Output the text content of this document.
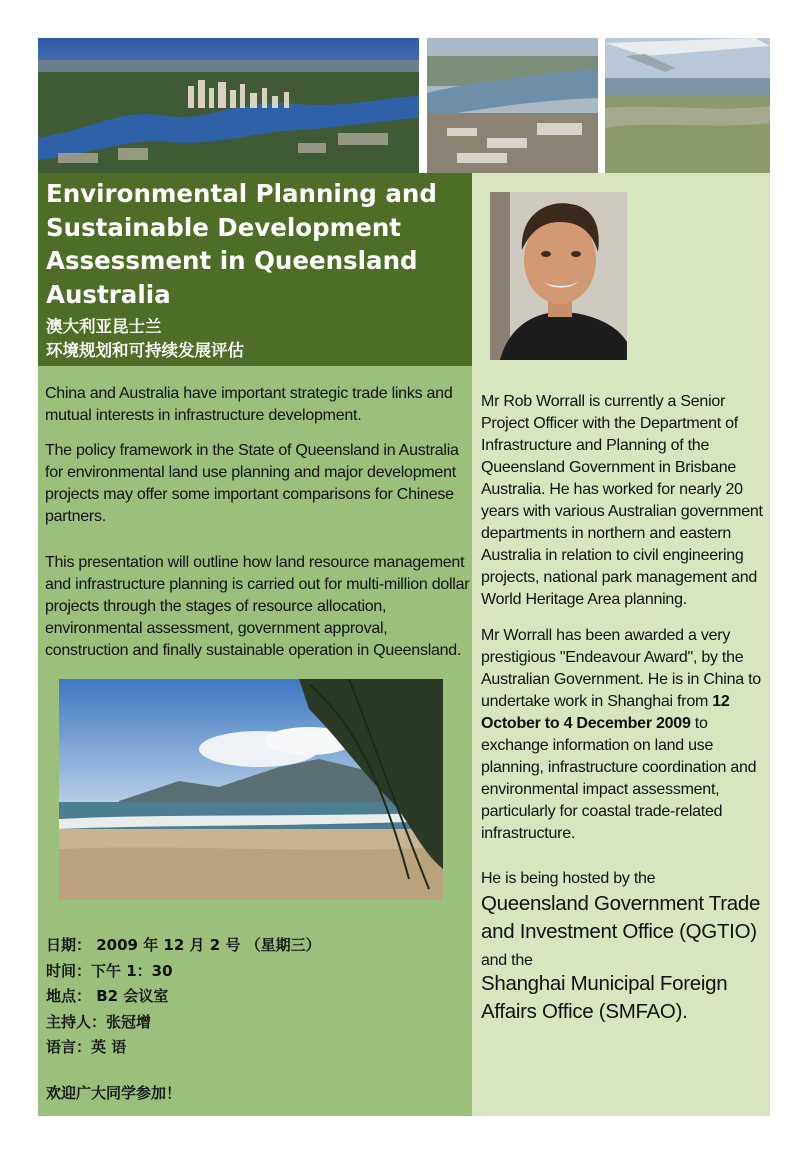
Environmental Planning and Sustainable Development Assessment in Queensland Australia
澳大利亚昆士兰
环境规划和可持续发展评估

China and Australia have important strategic trade links and mutual interests in infrastructure development.

The policy framework in the State of Queensland in Australia for environmental land use planning and major development projects may offer some important comparisons for Chinese partners.

This presentation will outline how land resource management and infrastructure planning is carried out for multi-million dollar projects through the stages of resource allocation, environmental assessment, government approval, construction and finally sustainable operation in Queensland.

日期： 2009 年 12 月 2 号 （星期三）
时间：下午 1：30
地点： B2 会议室
主持人：张冠增
语言：英 语
欢迎广大同学参加！

Mr Rob Worrall is currently a Senior Project Officer with the Department of Infrastructure and Planning of the Queensland Government in Brisbane Australia. He has worked for nearly 20 years with various Australian government departments in northern and eastern Australia in relation to civil engineering projects, national park management and World Heritage Area planning.

Mr Worrall has been awarded a very prestigious "Endeavour Award", by the Australian Government. He is in China to undertake work in Shanghai from 12 October to 4 December 2009 to exchange information on land use planning, infrastructure coordination and environmental impact assessment, particularly for coastal trade-related infrastructure.

He is being hosted by the

Queensland Government Trade
and Investment Office (QGTIO)

and the

Shanghai Municipal Foreign
Affairs Office (SMFAO).
